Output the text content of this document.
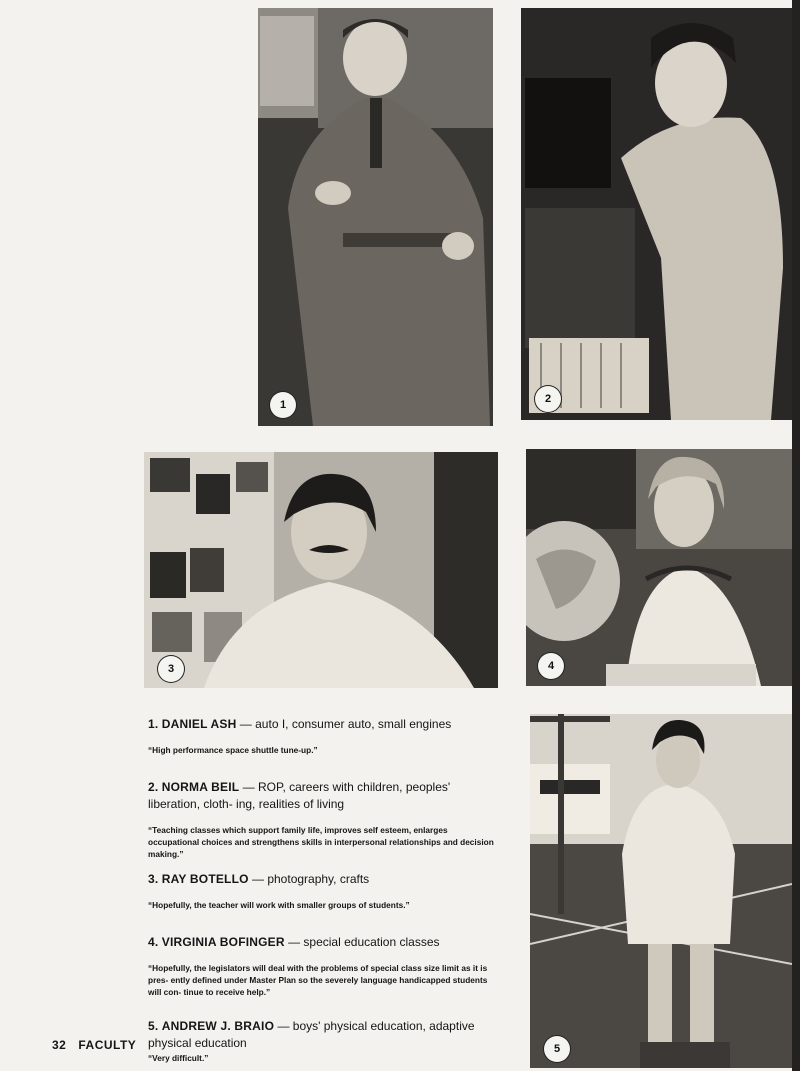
1	2
3	4
5
1. DANIEL ASH — auto I, consumer auto, small engines
“High performance space shuttle tune-up.”
2. NORMA BEIL — ROP, careers with children, peoples' liberation, cloth- ing, realities of living
“Teaching classes which support family life, improves self esteem, enlarges occupational choices and strengthens skills in interpersonal relationships and decision making.”
3. RAY BOTELLO — photography, crafts
“Hopefully, the teacher will work with smaller groups of students.”
4. VIRGINIA BOFINGER — special education classes
“Hopefully, the legislators will deal with the problems of special class size limit as it is pres- ently defined under Master Plan so the severely language handicapped students will con- tinue to receive help.”
5. ANDREW J. BRAIO — boys' physical education, adaptive physical education
“Very difficult.”
32 FACULTY
